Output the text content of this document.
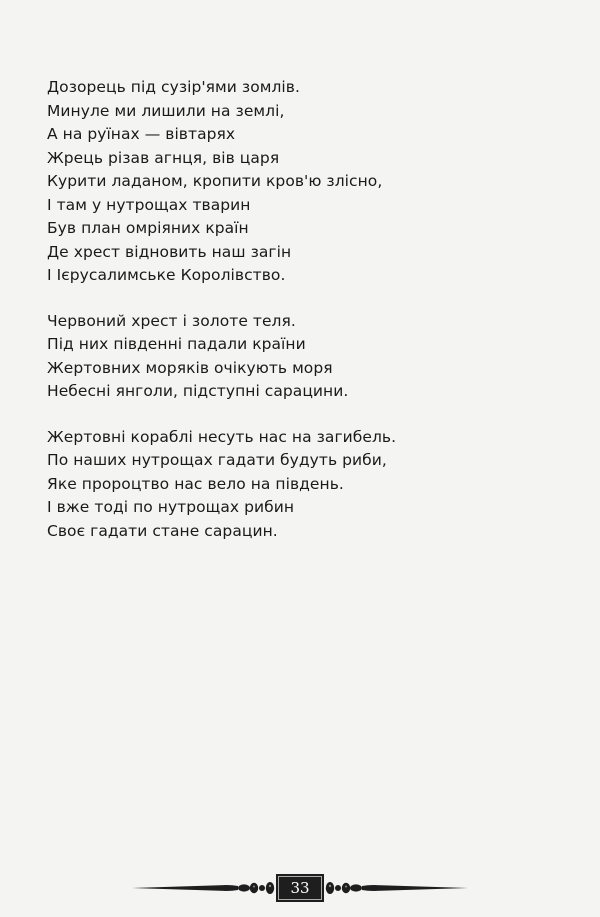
Дозорець під сузір'ями зомлів.
Минуле ми лишили на землі,
А на руїнах — вівтарях
Жрець різав агнця, вів царя
Курити ладаном, кропити кров'ю злісно,
І там у нутрощах тварин
Був план омріяних країн
Де хрест відновить наш загін
І Ієрусалимське Королівство.
Червоний хрест і золоте теля.
Під них південні падали країни
Жертовних моряків очікують моря
Небесні янголи, підступні сарацини.
Жертовні кораблі несуть нас на загибель.
По наших нутрощах гадати будуть риби,
Яке пророцтво нас вело на південь.
І вже тоді по нутрощах рибин
Своє гадати стане сарацин.
33
